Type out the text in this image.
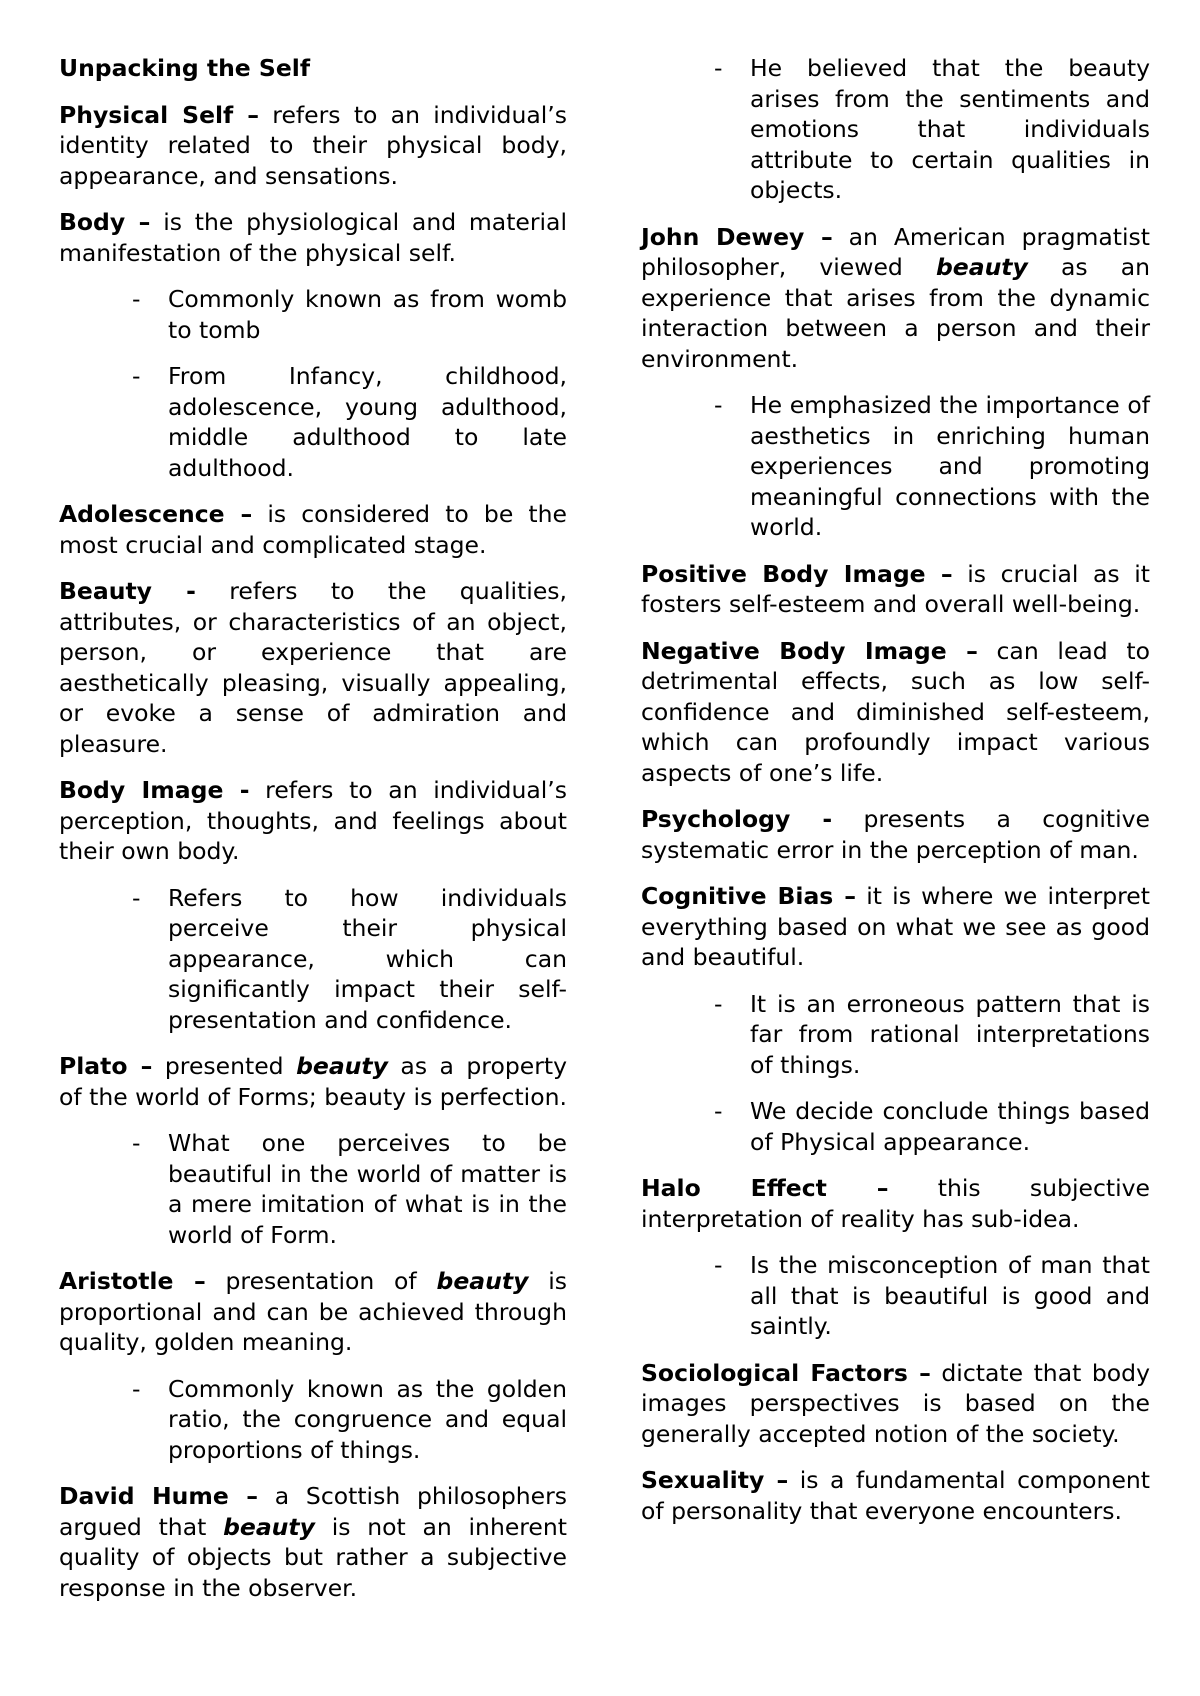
Unpacking the Self

Physical Self – refers to an individual’s identity related to their physical body, appearance, and sensations.

Body – is the physiological and material manifestation of the physical self.

- Commonly known as from womb to tomb
- From Infancy, childhood, adolescence, young adulthood, middle adulthood to late adulthood.

Adolescence – is considered to be the most crucial and complicated stage.

Beauty - refers to the qualities, attributes, or characteristics of an object, person, or experience that are aesthetically pleasing, visually appealing, or evoke a sense of admiration and pleasure.

Body Image - refers to an individual’s perception, thoughts, and feelings about their own body.

- Refers to how individuals perceive their physical appearance, which can significantly impact their self-presentation and confidence.

Plato – presented beauty as a property of the world of Forms; beauty is perfection.

- What one perceives to be beautiful in the world of matter is a mere imitation of what is in the world of Form.

Aristotle – presentation of beauty is proportional and can be achieved through quality, golden meaning.

- Commonly known as the golden ratio, the congruence and equal proportions of things.

David Hume – a Scottish philosophers argued that beauty is not an inherent quality of objects but rather a subjective response in the observer.

- He believed that the beauty arises from the sentiments and emotions that individuals attribute to certain qualities in objects.

John Dewey – an American pragmatist philosopher, viewed beauty as an experience that arises from the dynamic interaction between a person and their environment.

- He emphasized the importance of aesthetics in enriching human experiences and promoting meaningful connections with the world.

Positive Body Image – is crucial as it fosters self-esteem and overall well-being.

Negative Body Image – can lead to detrimental effects, such as low self-confidence and diminished self-esteem, which can profoundly impact various aspects of one’s life.

Psychology - presents a cognitive systematic error in the perception of man.

Cognitive Bias – it is where we interpret everything based on what we see as good and beautiful.

- It is an erroneous pattern that is far from rational interpretations of things.
- We decide conclude things based of Physical appearance.

Halo Effect – this subjective interpretation of reality has sub-idea.

- Is the misconception of man that all that is beautiful is good and saintly.

Sociological Factors – dictate that body images perspectives is based on the generally accepted notion of the society.

Sexuality – is a fundamental component of personality that everyone encounters.
